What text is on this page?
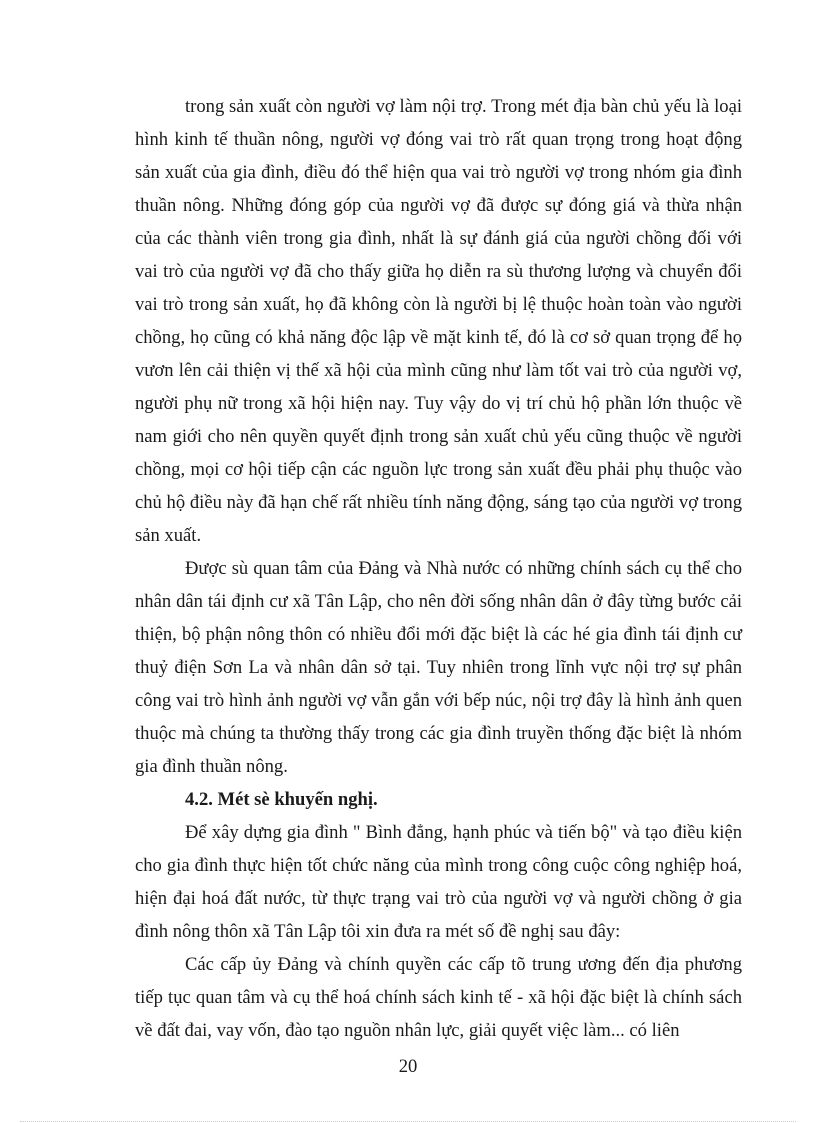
trong sản xuất còn người vợ làm nội trợ. Trong mét địa bàn chủ yếu là loại hình kinh tế thuần nông, người vợ đóng vai trò rất quan trọng trong hoạt động sản xuất của gia đình, điều đó thể hiện qua vai trò người vợ trong nhóm gia đình thuần nông. Những đóng góp của người vợ đã được sự đóng giá và thừa nhận của các thành viên trong gia đình, nhất là sự đánh giá của người chồng đối với vai trò của người vợ đã cho thấy giữa họ diễn ra sù thương lượng và chuyển đổi vai trò trong sản xuất, họ đã không còn là người bị lệ thuộc hoàn toàn vào người chồng, họ cũng có khả năng độc lập về mặt kinh tế, đó là cơ sở quan trọng để họ vươn lên cải thiện vị thế xã hội của mình cũng như làm tốt vai trò của người vợ, người phụ nữ trong xã hội hiện nay. Tuy vậy do vị trí chủ hộ phần lớn thuộc về nam giới cho nên quyền quyết định trong sản xuất chủ yếu cũng thuộc về người chồng, mọi cơ hội tiếp cận các nguồn lực trong sản xuất đều phải phụ thuộc vào chủ hộ điều này đã hạn chế rất nhiều tính năng động, sáng tạo của người vợ trong sản xuất.

Được sù quan tâm của Đảng và Nhà nước có những chính sách cụ thể cho nhân dân tái định cư xã Tân Lập, cho nên đời sống nhân dân ở đây từng bước cải thiện, bộ phận nông thôn có nhiều đổi mới đặc biệt là các hé gia đình tái định cư thuỷ điện Sơn La và nhân dân sở tại. Tuy nhiên trong lĩnh vực nội trợ sự phân công vai trò hình ảnh người vợ vẫn gắn với bếp núc, nội trợ đây là hình ảnh quen thuộc mà chúng ta thường thấy trong các gia đình truyền thống đặc biệt là nhóm gia đình thuần nông.

4.2. Mét sè khuyến nghị.

Để xây dựng gia đình " Bình đẳng, hạnh phúc và tiến bộ" và tạo điều kiện cho gia đình thực hiện tốt chức năng của mình trong công cuộc công nghiệp hoá, hiện đại hoá đất nước, từ thực trạng vai trò của người vợ và người chồng ở gia đình nông thôn xã Tân Lập tôi xin đưa ra mét số đề nghị sau đây:

Các cấp ủy Đảng và chính quyền các cấp tõ trung ương đến địa phương tiếp tục quan tâm và cụ thể hoá chính sách kinh tế - xã hội đặc biệt là chính sách về đất đai, vay vốn, đào tạo nguồn nhân lực, giải quyết việc làm... có liên

20
